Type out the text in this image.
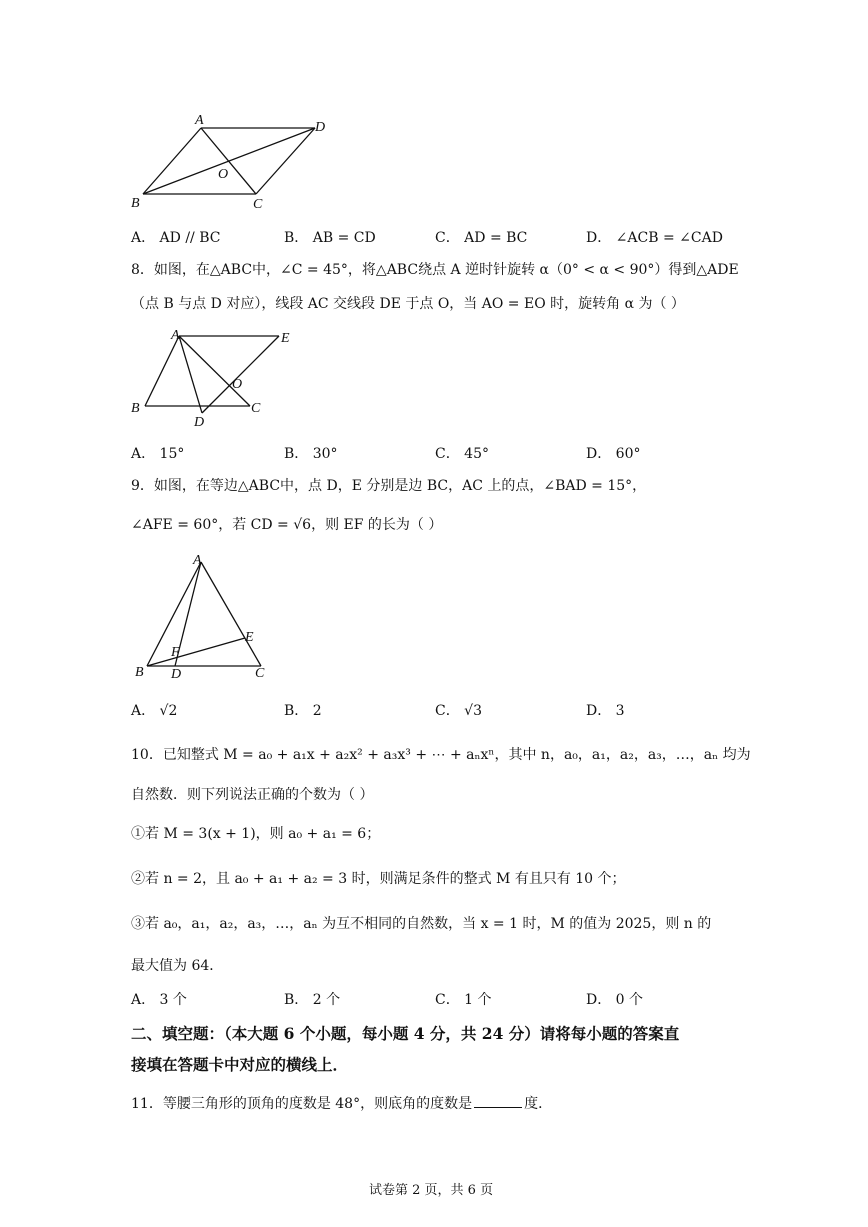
A	D
O
B	C
A． AD // BC	B． AB = CD	C． AD = BC	D． ∠ACB = ∠CAD
8．如图，在△ABC中，∠C = 45°，将△ABC绕点 A 逆时针旋转 α（0° < α < 90°）得到△ADE
（点 B 与点 D 对应），线段 AC 交线段 DE 于点 O，当 AO = EO 时，旋转角 α 为（ ）
A	E
O
B	C
D
A． 15°	B． 30°	C． 45°	D． 60°
9．如图，在等边△ABC中，点 D，E 分别是边 BC，AC 上的点，∠BAD = 15°，
∠AFE = 60°，若 CD = √6，则 EF 的长为（ ）
A
E
F
B D	C
A． √2	B． 2	C． √3	D． 3
10．已知整式 M = a₀ + a₁x + a₂x² + a₃x³ + ⋯ + aₙxⁿ，其中 n，a₀，a₁，a₂，a₃，…，aₙ 均为
自然数．则下列说法正确的个数为（ ）
①若 M = 3(x + 1)，则 a₀ + a₁ = 6；
②若 n = 2，且 a₀ + a₁ + a₂ = 3 时，则满足条件的整式 M 有且只有 10 个；
③若 a₀，a₁，a₂，a₃，…，aₙ 为互不相同的自然数，当 x = 1 时，M 的值为 2025，则 n 的
最大值为 64．
A． 3 个	B． 2 个	C． 1 个	D． 0 个
二、填空题：（本大题 6 个小题，每小题 4 分，共 24 分）请将每小题的答案直
接填在答题卡中对应的横线上．
11．等腰三角形的顶角的度数是 48°，则底角的度数是	度．
试卷第 2 页，共 6 页
